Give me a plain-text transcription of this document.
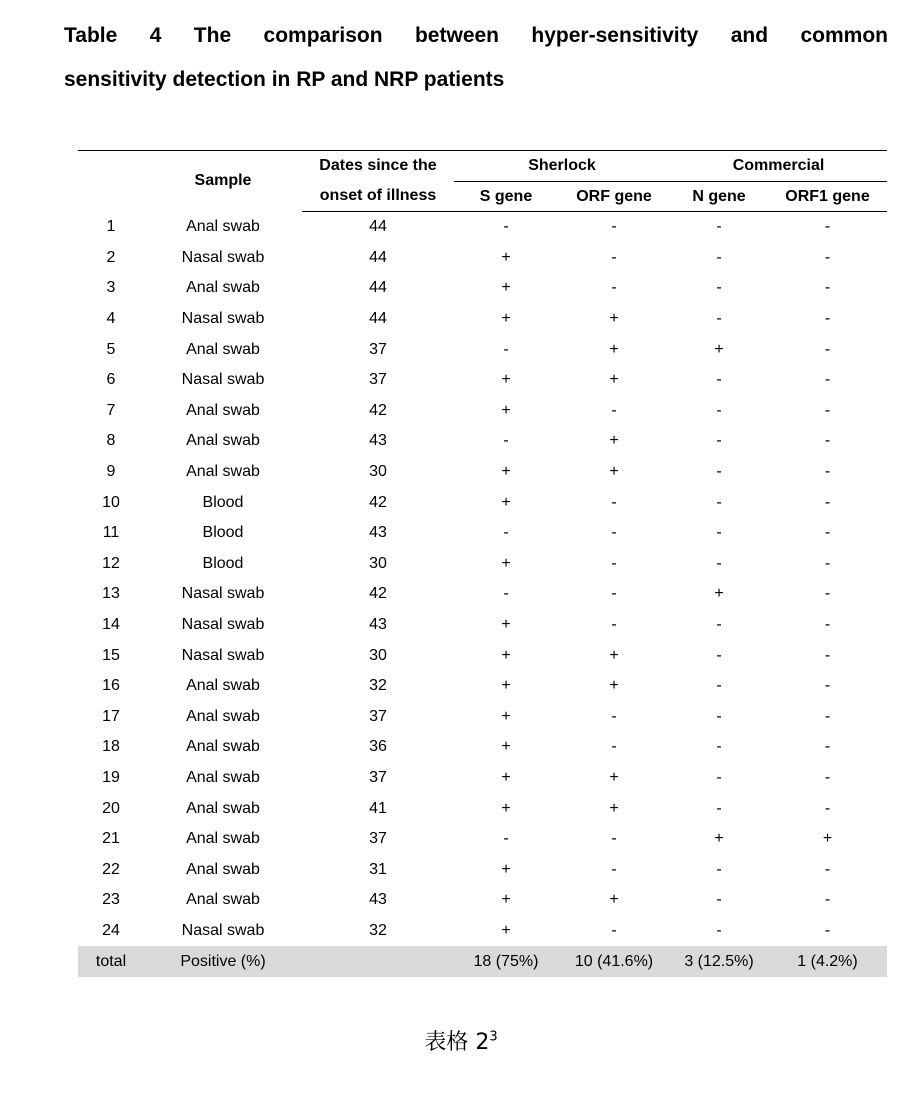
Table 4 The comparison between hyper-sensitivity and common
sensitivity detection in RP and NRP patients
	Sample	Dates since the	Sherlock		Commercial	
		onset of illness	S gene	ORF gene	N gene	ORF1 gene
1	Anal swab	44	-	-	-	-
2	Nasal swab	44	+	-	-	-
3	Anal swab	44	+	-	-	-
4	Nasal swab	44	+	+	-	-
5	Anal swab	37	-	+	+	-
6	Nasal swab	37	+	+	-	-
7	Anal swab	42	+	-	-	-
8	Anal swab	43	-	+	-	-
9	Anal swab	30	+	+	-	-
10	Blood	42	+	-	-	-
11	Blood	43	-	-	-	-
12	Blood	30	+	-	-	-
13	Nasal swab	42	-	-	+	-
14	Nasal swab	43	+	-	-	-
15	Nasal swab	30	+	+	-	-
16	Anal swab	32	+	+	-	-
17	Anal swab	37	+	-	-	-
18	Anal swab	36	+	-	-	-
19	Anal swab	37	+	+	-	-
20	Anal swab	41	+	+	-	-
21	Anal swab	37	-	-	+	+
22	Anal swab	31	+	-	-	-
23	Anal swab	43	+	+	-	-
24	Nasal swab	32	+	-	-	-
total	Positive (%)		18 (75%)	10 (41.6%)	3 (12.5%)	1 (4.2%)
表格 $2^3$
